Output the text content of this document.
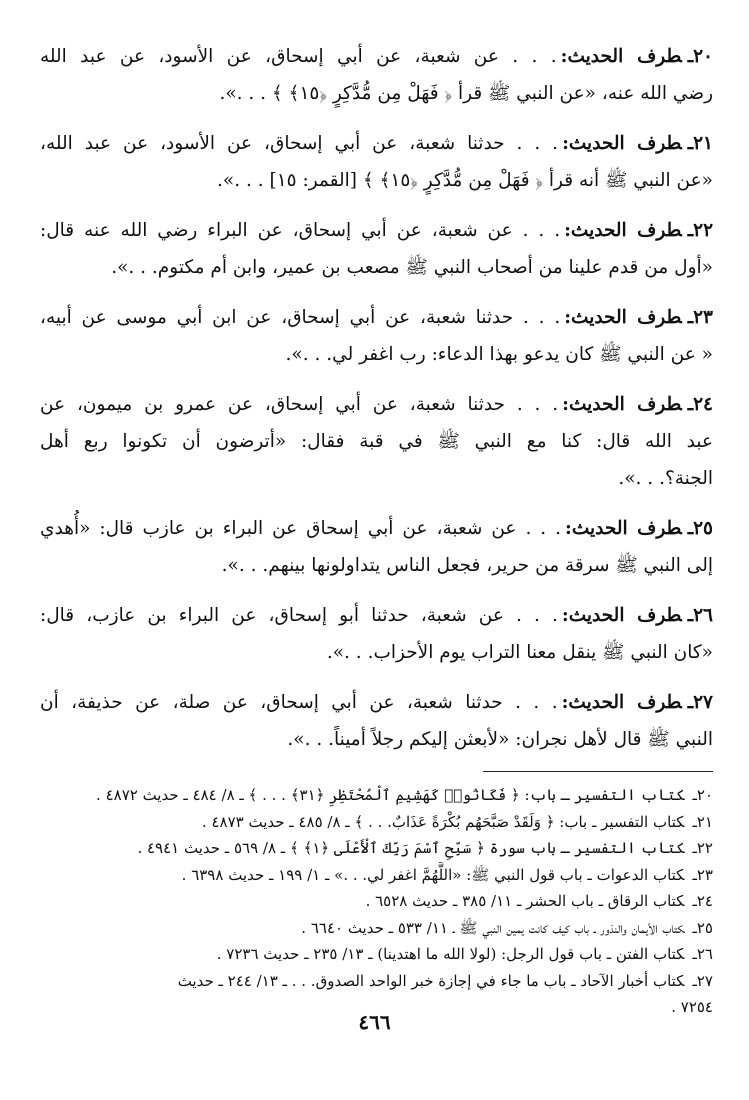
٢٠ـطرف الحديث:. . . عن شعبة، عن أبي إسحاق، عن الأسود، عن عبد الله
رضي الله عنه، «عن النبي ﷺ قرأ ﴿ فَهَلْ مِن مُّدَّكِرٍ ﴿١٥﴾ ﴾ . . .».
٢١ـطرف الحديث:. . . حدثنا شعبة، عن أبي إسحاق، عن الأسود، عن عبد الله،
«عن النبي ﷺ أنه قرأ ﴿ فَهَلْ مِن مُّدَّكِرٍ ﴿١٥﴾ ﴾ [القمر: ١٥] . . .».
٢٢ـطرف الحديث:. . . عن شعبة، عن أبي إسحاق، عن البراء رضي الله عنه قال:
«أول من قدم علينا من أصحاب النبي ﷺ مصعب بن عمير، وابن أم مكتوم. . .».
٢٣ـطرف الحديث:. . . حدثنا شعبة، عن أبي إسحاق، عن ابن أبي موسى عن أبيه،
« عن النبي ﷺ كان يدعو بهذا الدعاء: رب اغفر لي. . .».
٢٤ـطرف الحديث:. . . حدثنا شعبة، عن أبي إسحاق، عن عمرو بن ميمون، عن
عبد الله قال: كنا مع النبي ﷺ في قبة فقال: «أترضون أن تكونوا ربع أهل
الجنة؟. . .».
٢٥ـطرف الحديث:. . . عن شعبة، عن أبي إسحاق عن البراء بن عازب قال: «أُهدي
إلى النبي ﷺ سرقة من حرير، فجعل الناس يتداولونها بينهم. . .».
٢٦ـطرف الحديث:. . . عن شعبة، حدثنا أبو إسحاق، عن البراء بن عازب، قال:
«كان النبي ﷺ ينقل معنا التراب يوم الأحزاب. . .».
٢٧ـطرف الحديث:. . . حدثنا شعبة، عن أبي إسحاق، عن صلة، عن حذيفة، أن
النبي ﷺ قال لأهل نجران: «لأبعثن إليكم رجلاً أميناً. . .».
٢٠ـكتاب التفسير ـ باب: ﴿ فَكَانُوا۟ كَهَشِيمِ ٱلْمُحْتَظِرِ ﴿٣١﴾ . . . ﴾ ـ ٨/ ٤٨٤ ـ حديث ٤٨٧٢ .
٢١ـكتاب التفسير ـ باب: ﴿ وَلَقَدْ صَبَّحَهُم بُكْرَةً عَذَابٌ. . . ﴾ ـ ٨/ ٤٨٥ ـ حديث ٤٨٧٣ .
٢٢ـكتاب التفسير ـ باب سورة ﴿ سَبِّحِ ٱسْمَ رَبِّكَ ٱلْأَعْلَى ﴿١﴾ ﴾ ـ ٨/ ٥٦٩ ـ حديث ٤٩٤١ .
٢٣ـكتاب الدعوات ـ باب قول النبي ﷺ: «اللَّهُمَّ اغفر لي. . .» ـ ١/ ١٩٩ ـ حديث ٦٣٩٨ .
٢٤ـكتاب الرقاق ـ باب الحشر ـ ١١/ ٣٨٥ ـ حديث ٦٥٢٨ .
٢٥ـكتاب الأيمان والنذور ـ باب كيف كانت يمين النبي ﷺ ـ ١١/ ٥٣٣ ـ حديث ٦٦٤٠ .
٢٦ـكتاب الفتن ـ باب قول الرجل: (لولا الله ما اهتدينا) ـ ١٣/ ٢٣٥ ـ حديث ٧٢٣٦ .
٢٧ـكتاب أخبار الآحاد ـ باب ما جاء في إجازة خبر الواحد الصدوق. . . ـ ١٣/ ٢٤٤ ـ حديث
٧٢٥٤ .
٤٦٦
